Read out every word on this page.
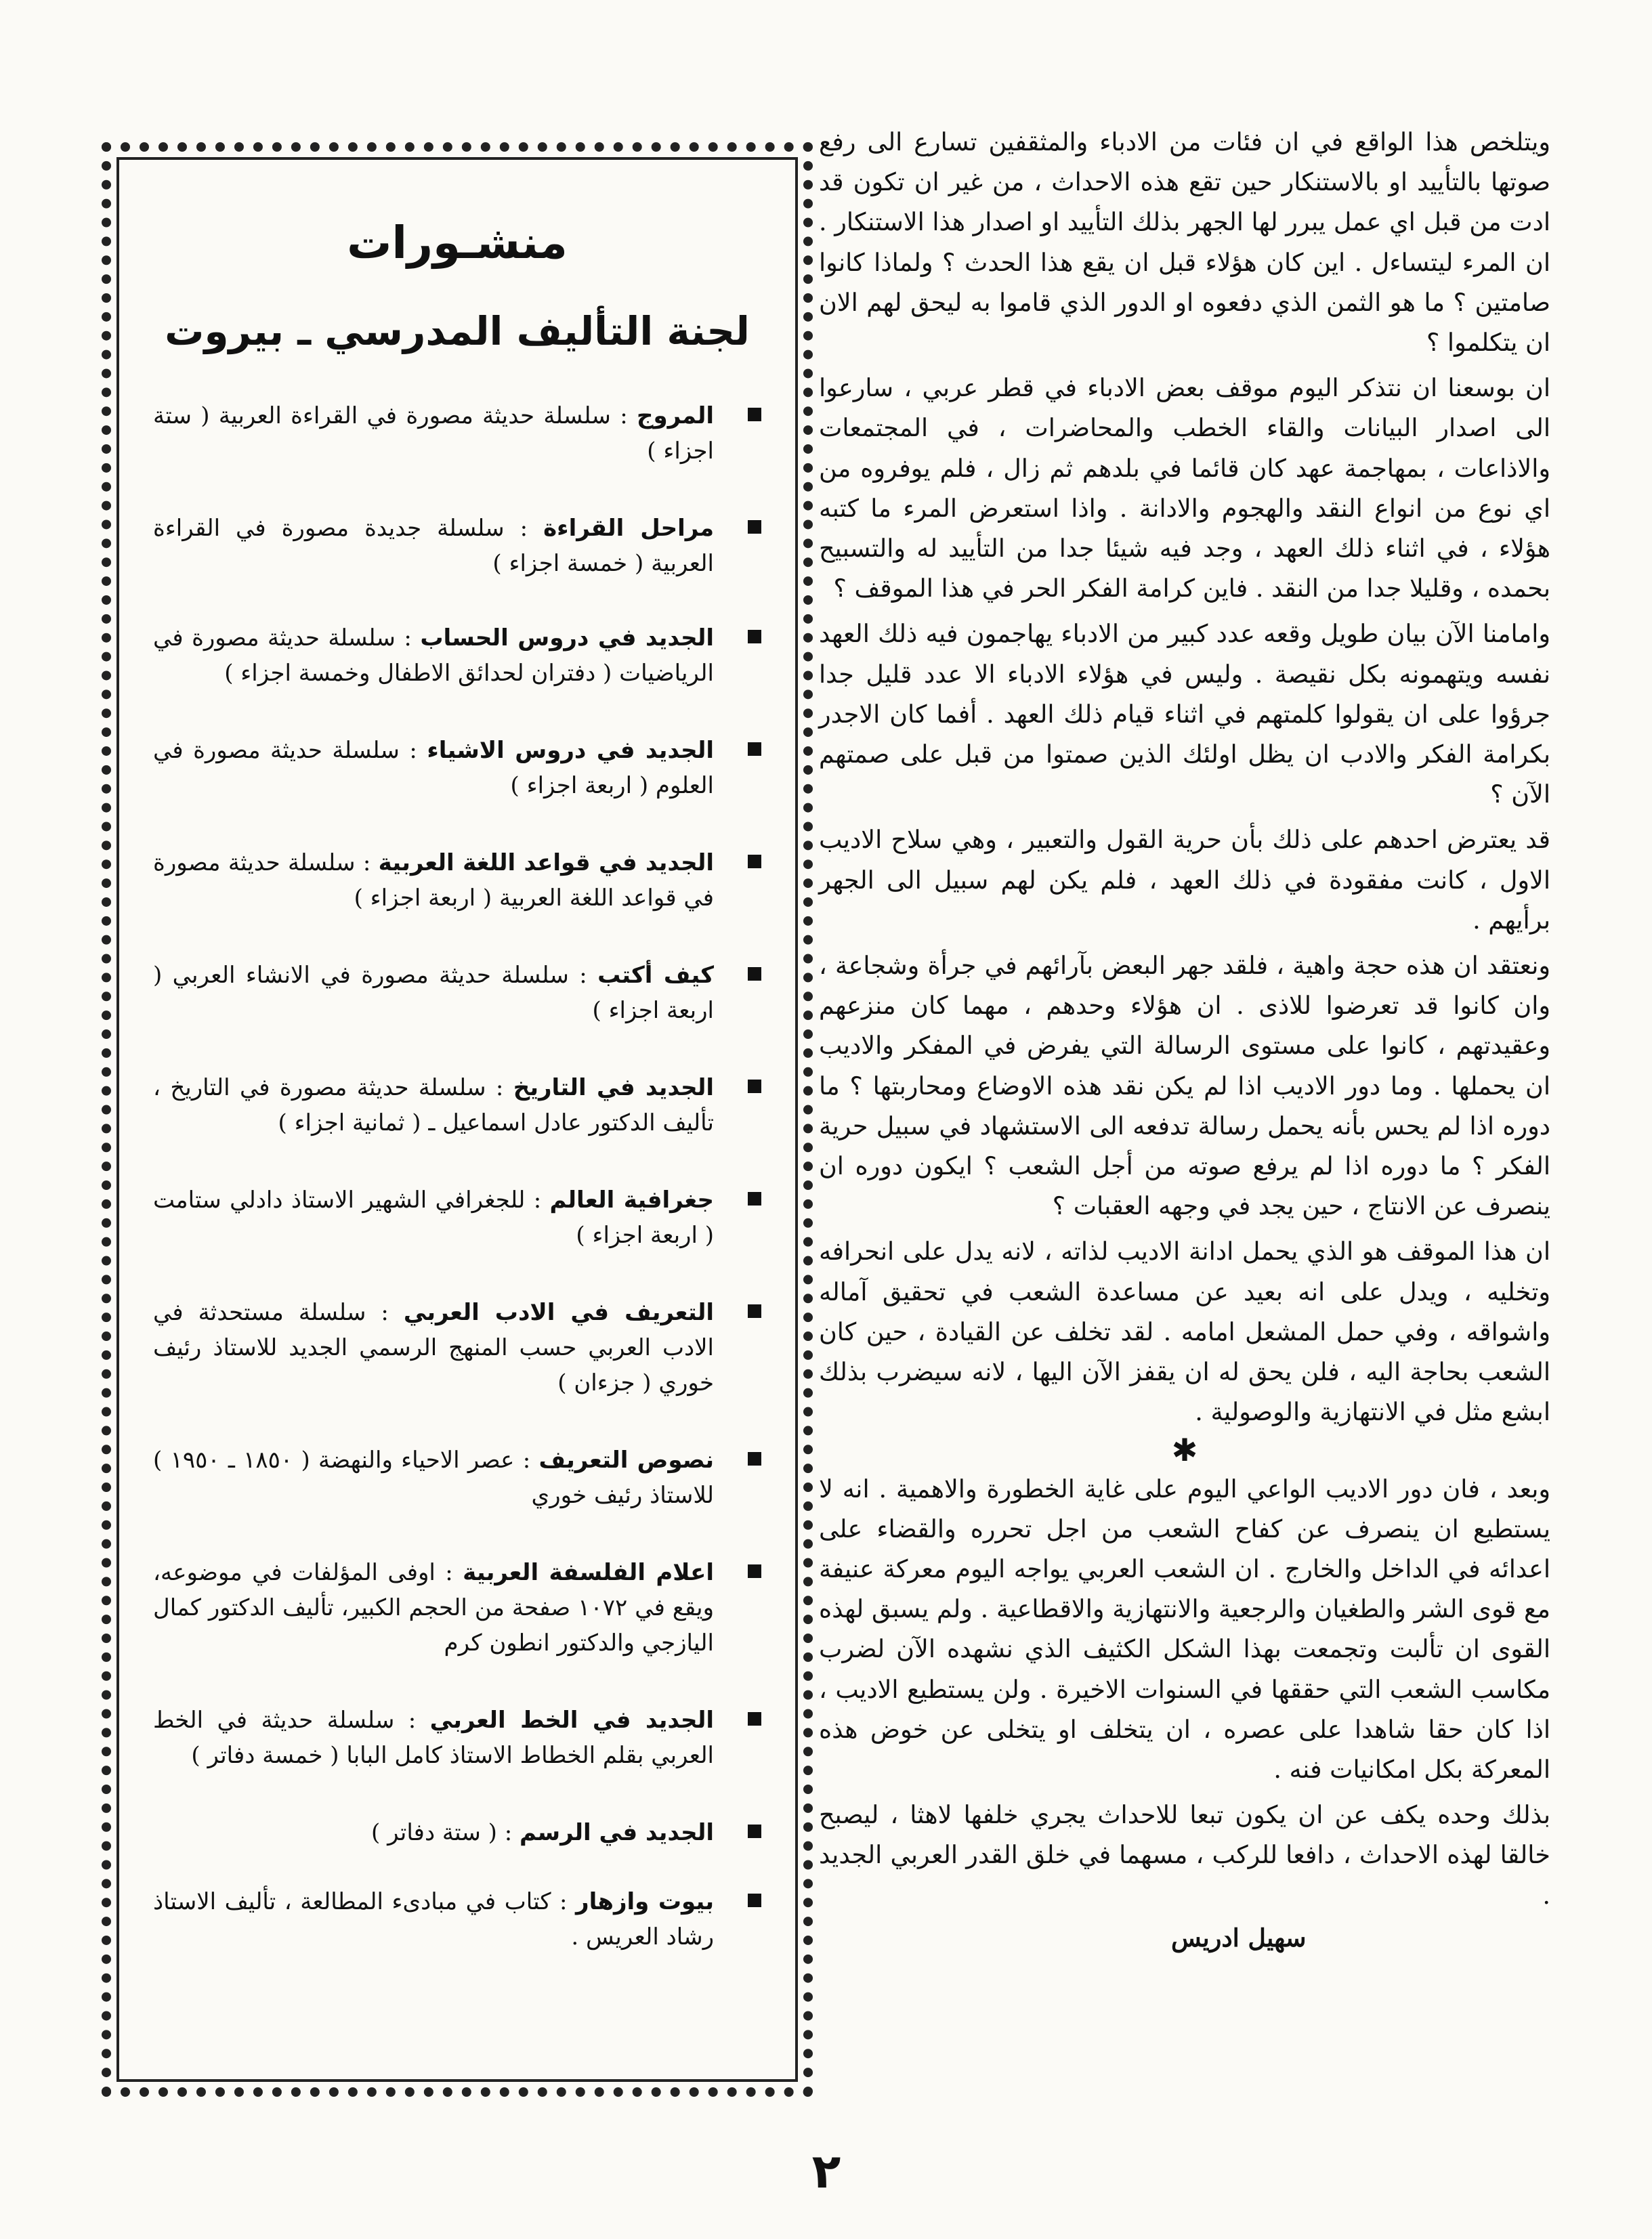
ويتلخص هذا الواقع في ان فئات من الادباء والمثقفين تسارع الى رفع صوتها بالتأييد او بالاستنكار حين تقع هذه الاحداث ، من غير ان تكون قد ادت من قبل اي عمل يبرر لها الجهر بذلك التأييد او اصدار هذا الاستنكار . ان المرء ليتساءل . اين كان هؤلاء قبل ان يقع هذا الحدث ؟ ولماذا كانوا صامتين ؟ ما هو الثمن الذي دفعوه او الدور الذي قاموا به ليحق لهم الان ان يتكلموا ؟

ان بوسعنا ان نتذكر اليوم موقف بعض الادباء في قطر عربي ، سارعوا الى اصدار البيانات والقاء الخطب والمحاضرات ، في المجتمعات والاذاعات ، بمهاجمة عهد كان قائما في بلدهم ثم زال ، فلم يوفروه من اي نوع من انواع النقد والهجوم والادانة . واذا استعرض المرء ما كتبه هؤلاء ، في اثناء ذلك العهد ، وجد فيه شيئا جدا من التأييد له والتسبيح بحمده ، وقليلا جدا من النقد . فاين كرامة الفكر الحر في هذا الموقف ؟

وامامنا الآن بيان طويل وقعه عدد كبير من الادباء يهاجمون فيه ذلك العهد نفسه ويتهمونه بكل نقيصة . وليس في هؤلاء الادباء الا عدد قليل جدا جرؤوا على ان يقولوا كلمتهم في اثناء قيام ذلك العهد . أفما كان الاجدر بكرامة الفكر والادب ان يظل اولئك الذين صمتوا من قبل على صمتهم الآن ؟

قد يعترض احدهم على ذلك بأن حرية القول والتعبير ، وهي سلاح الاديب الاول ، كانت مفقودة في ذلك العهد ، فلم يكن لهم سبيل الى الجهر برأيهم .

ونعتقد ان هذه حجة واهية ، فلقد جهر البعض بآرائهم في جرأة وشجاعة ، وان كانوا قد تعرضوا للاذى . ان هؤلاء وحدهم ، مهما كان منزعهم وعقيدتهم ، كانوا على مستوى الرسالة التي يفرض في المفكر والاديب ان يحملها . وما دور الاديب اذا لم يكن نقد هذه الاوضاع ومحاربتها ؟ ما دوره اذا لم يحس بأنه يحمل رسالة تدفعه الى الاستشهاد في سبيل حرية الفكر ؟ ما دوره اذا لم يرفع صوته من أجل الشعب ؟ ايكون دوره ان ينصرف عن الانتاج ، حين يجد في وجهه العقبات ؟

ان هذا الموقف هو الذي يحمل ادانة الاديب لذاته ، لانه يدل على انحرافه وتخليه ، ويدل على انه بعيد عن مساعدة الشعب في تحقيق آماله واشواقه ، وفي حمل المشعل امامه . لقد تخلف عن القيادة ، حين كان الشعب بحاجة اليه ، فلن يحق له ان يقفز الآن اليها ، لانه سيضرب بذلك ابشع مثل في الانتهازية والوصولية .

✱

وبعد ، فان دور الاديب الواعي اليوم على غاية الخطورة والاهمية . انه لا يستطيع ان ينصرف عن كفاح الشعب من اجل تحرره والقضاء على اعدائه في الداخل والخارج . ان الشعب العربي يواجه اليوم معركة عنيفة مع قوى الشر والطغيان والرجعية والانتهازية والاقطاعية . ولم يسبق لهذه القوى ان تألبت وتجمعت بهذا الشكل الكثيف الذي نشهده الآن لضرب مكاسب الشعب التي حققها في السنوات الاخيرة . ولن يستطيع الاديب ، اذا كان حقا شاهدا على عصره ، ان يتخلف او يتخلى عن خوض هذه المعركة بكل امكانيات فنه .

بذلك وحده يكف عن ان يكون تبعا للاحداث يجري خلفها لاهثا ، ليصبح خالقا لهذه الاحداث ، دافعا للركب ، مسهما في خلق القدر العربي الجديد .

سهيل ادريس

منشـورات
لجنة التأليف المدرسي ـ بيروت
المروج : سلسلة حديثة مصورة في القراءة العربية ( ستة اجزاء )
مراحل القراءة : سلسلة جديدة مصورة في القراءة العربية ( خمسة اجزاء )
الجديد في دروس الحساب : سلسلة حديثة مصورة في الرياضيات ( دفتران لحدائق الاطفال وخمسة اجزاء )
الجديد في دروس الاشياء : سلسلة حديثة مصورة في العلوم ( اربعة اجزاء )
الجديد في قواعد اللغة العربية : سلسلة حديثة مصورة في قواعد اللغة العربية ( اربعة اجزاء )
كيف أكتب : سلسلة حديثة مصورة في الانشاء العربي ( اربعة اجزاء )
الجديد في التاريخ : سلسلة حديثة مصورة في التاريخ ، تأليف الدكتور عادل اسماعيل ـ ( ثمانية اجزاء )
جغرافية العالم : للجغرافي الشهير الاستاذ دادلي ستامت ( اربعة اجزاء )
التعريف في الادب العربي : سلسلة مستحدثة في الادب العربي حسب المنهج الرسمي الجديد للاستاذ رئيف خوري ( جزءان )
نصوص التعريف : عصر الاحياء والنهضة ( ١٨٥٠ ـ ١٩٥٠ ) للاستاذ رئيف خوري
اعلام الفلسفة العربية : اوفى المؤلفات في موضوعه، ويقع في ١٠٧٢ صفحة من الحجم الكبير، تأليف الدكتور كمال اليازجي والدكتور انطون كرم
الجديد في الخط العربي : سلسلة حديثة في الخط العربي بقلم الخطاط الاستاذ كامل البابا ( خمسة دفاتر )
الجديد في الرسم : ( ستة دفاتر )
بيوت وازهار : كتاب في مبادىء المطالعة ، تأليف الاستاذ رشاد العريس .
٢
